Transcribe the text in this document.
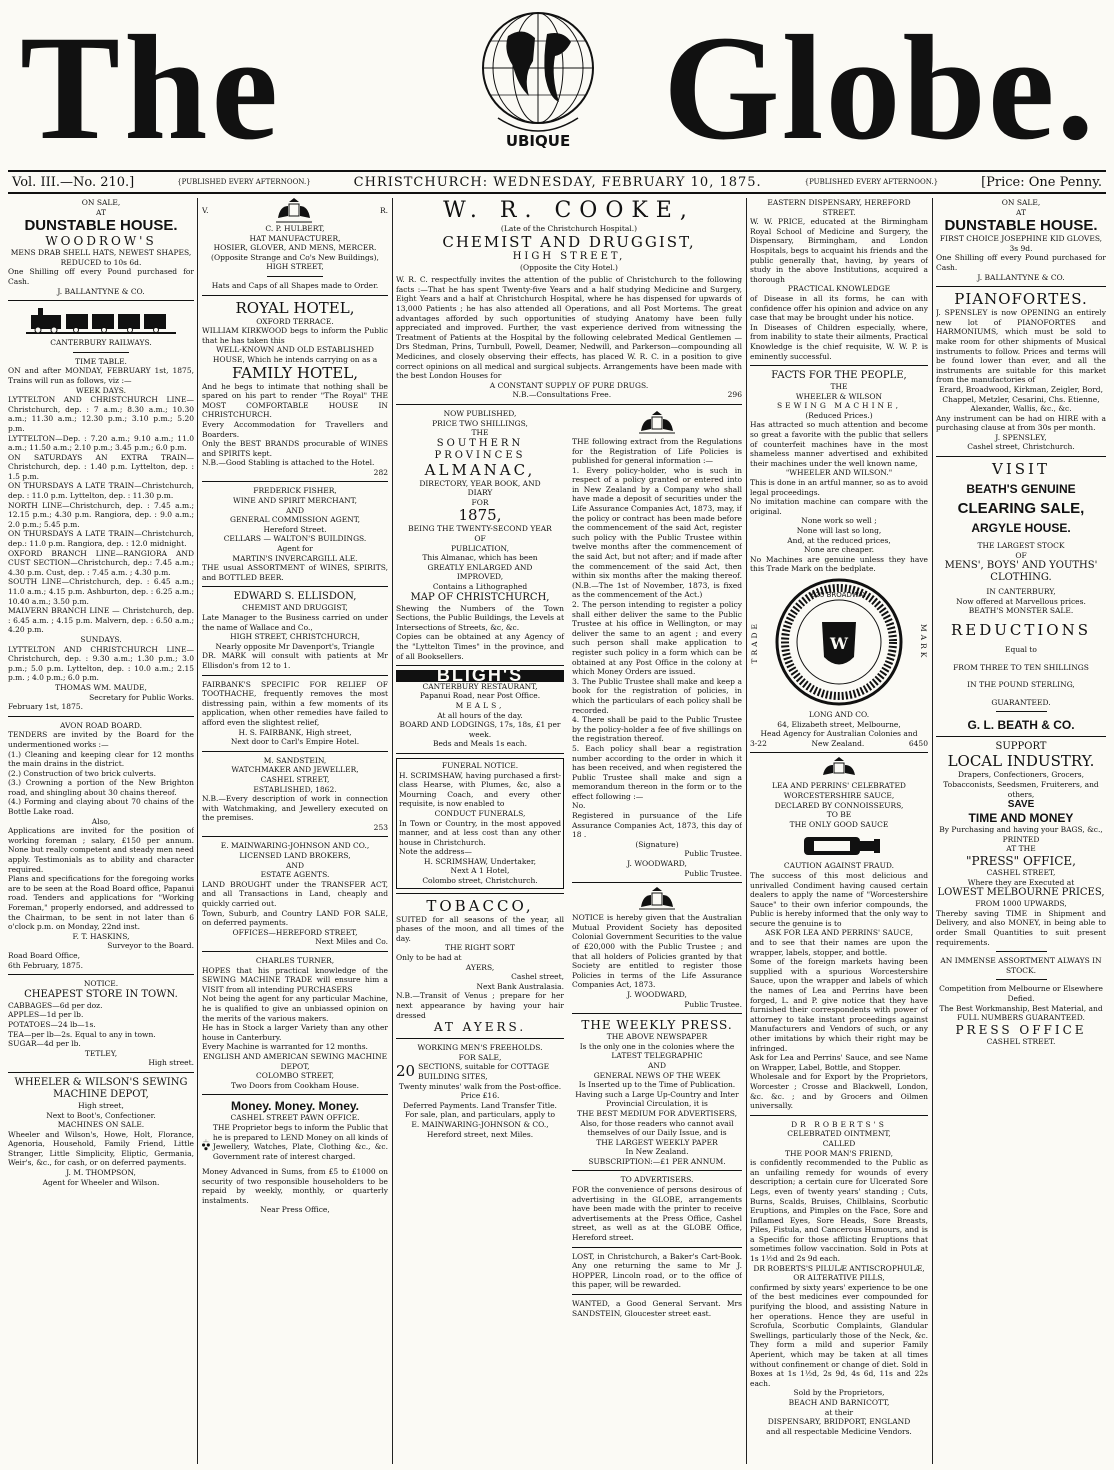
The	UBIQUE Globe.
Vol. III.—No. 210.]	{PUBLISHED EVERY AFTERNOON.}	CHRISTCHURCH: WEDNESDAY, FEBRUARY 10, 1875.	{PUBLISHED EVERY AFTERNOON.}	[Price: One Penny.
ON SALE,
AT
DUNSTABLE HOUSE.
WOODROW'S
MENS DRAB SHELL HATS, NEWEST SHAPES,
REDUCED to 10s 6d.

One Shilling off every Pound purchased for Cash.

J. BALLANTYNE & CO.
CANTERBURY RAILWAYS.
TIME TABLE.

ON and after MONDAY, FEBRUARY 1st, 1875, Trains will run as follows, viz :—

WEEK DAYS.

LYTTELTON AND CHRISTCHURCH LINE—Christchurch, dep. : 7 a.m.; 8.30 a.m.; 10.30 a.m.; 11.30 a.m.; 12.30 p.m.; 3.10 p.m.; 5.20 p.m.

LYTTELTON—Dep. : 7.20 a.m.; 9.10 a.m.; 11.0 a.m.; 11.50 a.m.; 2.10 p.m.; 3.45 p.m.; 6.0 p.m.

ON SATURDAYS AN EXTRA TRAIN—Christchurch, dep. : 1.40 p.m. Lyttelton, dep. : 1.5 p.m.

ON THURSDAYS A LATE TRAIN—Christchurch, dep. : 11.0 p.m. Lyttelton, dep. : 11.30 p.m.

NORTH LINE—Christchurch, dep. : 7.45 a.m.; 12.15 p.m.; 4.30 p.m. Rangiora, dep. : 9.0 a.m.; 2.0 p.m.; 5.45 p.m.

ON THURSDAYS A LATE TRAIN—Christchurch, dep.: 11.0 p.m. Rangiora, dep. : 12.0 midnight.

OXFORD BRANCH LINE—RANGIORA AND CUST SECTION—Christchurch, dep.: 7.45 a.m.; 4.30 p.m. Cust, dep. : 7.45 a.m. ; 4.30 p.m.

SOUTH LINE—Christchurch, dep. : 6.45 a.m.; 11.0 a.m.; 4.15 p.m. Ashburton, dep. : 6.25 a.m.; 10.40 a.m.; 3.50 p.m.

MALVERN BRANCH LINE — Christchurch, dep. : 6.45 a.m. ; 4.15 p.m. Malvern, dep. : 6.50 a.m.; 4.20 p.m.

SUNDAYS.

LYTTELTON AND CHRISTCHURCH LINE—Christchurch, dep. : 9.30 a.m.; 1.30 p.m.; 3.0 p.m.; 5.0 p.m. Lyttelton, dep. : 10.0 a.m.; 2.15 p.m. ; 4.0 p.m.; 6.0 p.m.

THOMAS WM. MAUDE,
Secretary for Public Works.
February 1st, 1875.
AVON ROAD BOARD.

TENDERS are invited by the Board for the undermentioned works :—

(1.) Cleaning and keeping clear for 12 months the main drains in the district.

(2.) Construction of two brick culverts.

(3.) Crowning a portion of the New Brighton road, and shingling about 30 chains thereof.

(4.) Forming and claying about 70 chains of the Bottle Lake road.

Also,

Applications are invited for the position of working foreman ; salary, £150 per annum. None but really competent and steady men need apply. Testimonials as to ability and character required.

Plans and specifications for the foregoing works are to be seen at the Road Board office, Papanui road. Tenders and applications for "Working Foreman," properly endorsed, and addressed to the Chairman, to be sent in not later than 6 o'clock p.m. on Monday, 22nd inst.

F. T. HASKINS,
Surveyor to the Board.
Road Board Office,
6th February, 1875.
NOTICE.
CHEAPEST STORE IN TOWN.
CABBAGES—6d per doz.
APPLES—1d per lb.
POTATOES—24 lb—1s.
TEA—per lb—2s. Equal to any in town.
SUGAR—4d per lb.
TETLEY,
High street.
WHEELER & WILSON'S SEWING MACHINE DEPOT,
High street,
Next to Boot's, Confectioner.
MACHINES ON SALE.

Wheeler and Wilson's, Howe, Holt, Florance, Agenoria, Household, Family Friend, Little Stranger, Little Simplicity, Eliptic, Germania, Weir's, &c., for cash, or on deferred payments.

J. M. THOMPSON,
Agent for Wheeler and Wilson.
V.	R.
C. P. HULBERT,
HAT MANUFACTURER,
HOSIER, GLOVER, AND MENS, MERCER.
(Opposite Strange and Co's New Buildings), HIGH STREET,
Hats and Caps of all Shapes made to Order.
ROYAL HOTEL,
OXFORD TERRACE.

WILLIAM KIRKWOOD begs to inform the Public that he has taken this

WELL-KNOWN AND OLD ESTABLISHED HOUSE, Which he intends carrying on as a
FAMILY HOTEL,

And he begs to intimate that nothing shall be spared on his part to render "The Royal" THE MOST COMFORTABLE HOUSE IN CHRISTCHURCH.

Every Accommodation for Travellers and Boarders.

Only the BEST BRANDS procurable of WINES and SPIRITS kept.

N.B.—Good Stabling is attached to the Hotel.

282
FREDERICK FISHER,
WINE AND SPIRIT MERCHANT,
AND
GENERAL COMMISSION AGENT,
Hereford Street.
CELLARS — WALTON'S BUILDINGS.
Agent for
MARTIN'S INVERCARGILL ALE.

THE usual ASSORTMENT of WINES, SPIRITS, and BOTTLED BEER.

EDWARD S. ELLISDON,
CHEMIST AND DRUGGIST,

Late Manager to the Business carried on under the name of Wallace and Co.,

HIGH STREET, CHRISTCHURCH,
Nearly opposite Mr Davenport's, Triangle

DR. MARK will consult with patients at Mr Ellisdon's from 12 to 1.

FAIRBANK'S SPECIFIC FOR RELIEF OF TOOTHACHE, frequently removes the most distressing pain, within a few moments of its application, when other remedies have failed to afford even the slightest relief,

H. S. FAIRBANK, High street,
Next door to Carl's Empire Hotel.
M. SANDSTEIN,
WATCHMAKER AND JEWELLER,
CASHEL STREET,
ESTABLISHED, 1862.

N.B.—Every description of work in connection with Watchmaking, and Jewellery executed on the premises.

253
E. MAINWARING-JOHNSON AND CO., LICENSED LAND BROKERS,
AND
ESTATE AGENTS.

LAND BROUGHT under the TRANSFER ACT, and all Transactions in Land, cheaply and quickly carried out.

Town, Suburb, and Country LAND FOR SALE, on deferred payments.

OFFICES—HEREFORD STREET,
Next Miles and Co.
CHARLES TURNER,

HOPES that his practical knowledge of the SEWING MACHINE TRADE will ensure him a VISIT from all intending PURCHASERS

Not being the agent for any particular Machine, he is qualified to give an unbiassed opinion on the merits of the various makers.

He has in Stock a larger Variety than any other house in Canterbury.

Every Machine is warranted for 12 months.

ENGLISH AND AMERICAN SEWING MACHINE DEPOT,
COLOMBO STREET,
Two Doors from Cookham House.
Money. Money. Money.
CASHEL STREET PAWN OFFICE.

THE Proprietor begs to inform the Public that he is prepared to LEND Money on all kinds of Jewellery, Watches, Plate, Clothing &c., &c. Government rate of interest charged.

Money Advanced in Sums, from £5 to £1000 on security of two responsible householders to be repaid by weekly, monthly, or quarterly instalments.

Near Press Office,
W. R. COOKE,
(Late of the Christchurch Hospital.)
CHEMIST AND DRUGGIST,
HIGH STREET,
(Opposite the City Hotel.)

W. R. C. respectfully invites the attention of the public of Christchurch to the following facts :—That he has spent Twenty-five Years and a half studying Medicine and Surgery, Eight Years and a half at Christchurch Hospital, where he has dispensed for upwards of 13,000 Patients ; he has also attended all Operations, and all Post Mortems. The great advantages afforded by such opportunities of studying Anatomy have been fully appreciated and improved. Further, the vast experience derived from witnessing the Treatment of Patients at the Hospital by the following celebrated Medical Gentlemen —Drs Stedman, Prins, Turnbull, Powell, Deamer, Nedwill, and Parkerson—compounding all Medicines, and closely observing their effects, has placed W. R. C. in a position to give correct opinions on all medical and surgical subjects. Arrangements have been made with the best London Houses for

A CONSTANT SUPPLY OF PURE DRUGS.
N.B.—Consultations Free.	296
NOW PUBLISHED,
PRICE TWO SHILLINGS,
THE
SOUTHERN PROVINCES
ALMANAC,
DIRECTORY, YEAR BOOK, AND
DIARY
FOR
1875,
BEING THE TWENTY-SECOND YEAR
OF
PUBLICATION,
This Almanac, which has been
GREATLY ENLARGED AND
IMPROVED,
Contains a Lithographed
MAP OF CHRISTCHURCH,

Shewing the Numbers of the Town Sections, the Public Buildings, the Levels at Intersections of Streets, &c, &c.

Copies can be obtained at any Agency of the "Lyttelton Times" in the province, and of all Booksellers.

BLIGH'S
CANTERBURY RESTAURANT,
Papanui Road, near Post Office.
MEALS,
At all hours of the day.
BOARD AND LODGINGS, 17s, 18s, £1 per week.
Beds and Meals 1s each.
FUNERAL NOTICE.

H. SCRIMSHAW, having purchased a first-class Hearse, with Plumes, &c, also a Mourning Coach, and every other requisite, is now enabled to

CONDUCT FUNERALS,

In Town or Country, in the most appoved manner, and at less cost than any other house in Christchurch.

Note the address—
H. SCRIMSHAW, Undertaker,
Next A 1 Hotel,
Colombo street, Christchurch.
TOBACCO,

SUITED for all seasons of the year, all phases of the moon, and all times of the day.

THE RIGHT SORT
Only to be had at
AYERS,
Cashel street,
Next Bank Australasia.

N.B.—Transit of Venus ; prepare for her next appearance by having your hair dressed

AT AYERS.
WORKING MEN'S FREEHOLDS.
FOR SALE,
20 SECTIONS, suitable for COTTAGE BUILDING SITES,
Twenty minutes' walk from the Post-office. Price £16.
Deferred Payments. Land Transfer Title.
For sale, plan, and particulars, apply to
E. MAINWARING-JOHNSON & CO.,
Hereford street, next Miles.

THE following extract from the Regulations for the Registration of Life Policies is published for general information :—

1. Every policy-holder, who is such in respect of a policy granted or entered into in New Zealand by a Company who shall have made a deposit of securities under the Life Assurance Companies Act, 1873, may, if the policy or contract has been made before the commencement of the said Act, register such policy with the Public Trustee within twelve months after the commencement of the said Act, but not after; and if made after the commencement of the said Act, then within six months after the making thereof. (N.B.—The 1st of November, 1873, is fixed as the commencement of the Act.)

2. The person intending to register a policy shall either deliver the same to the Public Trustee at his office in Wellington, or may deliver the same to an agent ; and every such person shall make application to register such policy in a form which can be obtained at any Post Office in the colony at which Money Orders are issued.

3. The Public Trustee shall make and keep a book for the registration of policies, in which the particulars of each policy shall be recorded.

4. There shall be paid to the Public Trustee by the policy-holder a fee of five shillings on the registration thereof.

5. Each policy shall bear a registration number according to the order in which it has been received, and when registered the Public Trustee shall make and sign a memorandum thereon in the form or to the effect following :—

No.

Registered in pursuance of the Life Assurance Companies Act, 1873, this day of 18 .

(Signature)
Public Trustee.
J. WOODWARD,
Public Trustee.

NOTICE is hereby given that the Australian Mutual Provident Society has deposited Colonial Government Securities to the value of £20,000 with the Public Trustee ; and that all holders of Policies granted by that Society are entitled to register those Policies in terms of the Life Assurance Companies Act, 1873.

J. WOODWARD,
Public Trustee.
THE WEEKLY PRESS.
THE ABOVE NEWSPAPER
Is the only one in the colonies where the
LATEST TELEGRAPHIC
AND
GENERAL NEWS OF THE WEEK
Is Inserted up to the Time of Publication.
Having such a Large Up-Country and Inter Provincial Circulation, it is
THE BEST MEDIUM FOR ADVERTISERS,
Also, for those readers who cannot avail themselves of our Daily Issue, and is
THE LARGEST WEEKLY PAPER
In New Zealand.
SUBSCRIPTION:—£1 PER ANNUM.
TO ADVERTISERS.

FOR the convenience of persons desirous of advertising in the GLOBE, arrangements have been made with the printer to receive advertisements at the Press Office, Cashel street, as well as at the GLOBE Office, Hereford street.

LOST, in Christchurch, a Baker's Cart-Book. Any one returning the same to Mr J. HOPPER, Lincoln road, or to the office of this paper, will be rewarded.

WANTED, a Good General Servant. Mrs SANDSTEIN, Gloucester street east.

EASTERN DISPENSARY, HEREFORD STREET.

W. W. PRICE, educated at the Birmingham Royal School of Medicine and Surgery, the Dispensary, Birmingham, and London Hospitals, begs to acquaint his friends and the public generally that, having, by years of study in the above Institutions, acquired a thorough

PRACTICAL KNOWLEDGE

of Disease in all its forms, he can with confidence offer his opinion and advice on any case that may be brought under his notice.

In Diseases of Children especially, where, from inability to state their ailments, Practical Knowledge is the chief requisite, W. W. P. is eminently successful.

FACTS FOR THE PEOPLE,
THE
WHEELER & WILSON
SEWING MACHINE,
(Reduced Prices.)

Has attracted so much attention and become so great a favorite with the public that sellers of counterfeit machines have in the most shameless manner advertised and exhibited their machines under the well known name,

"WHEELER AND WILSON."

This is done in an artful manner, so as to avoid legal proceedings.

No imitation machine can compare with the original.

None work so well ;
None will last so long,
And, at the reduced prices,
None are cheaper.

No Machines are genuine unless they have this Trade Mark on the bedplate.

TRADE	W
625 BROADWAY
MARK
LONG AND CO.
64, Elizabeth street, Melbourne,
Head Agency for Australian Colonies and
3-22	New Zealand.	6450
LEA AND PERRINS' CELEBRATED
WORCESTERSHIRE SAUCE,
DECLARED BY CONNOISSEURS,
TO BE
THE ONLY GOOD SAUCE
CAUTION AGAINST FRAUD.

The success of this most delicious and unrivalled Condiment having caused certain dealers to apply the name of "Worcestershire Sauce" to their own inferior compounds, the Public is hereby informed that the only way to secure the genuine is to

ASK FOR LEA AND PERRINS' SAUCE,

and to see that their names are upon the wrapper, labels, stopper, and bottle.

Some of the foreign markets having been supplied with a spurious Worcestershire Sauce, upon the wrapper and labels of which the names of Lea and Perrins have been forged, L. and P. give notice that they have furnished their correspondents with power of attorney to take instant proceedings against Manufacturers and Vendors of such, or any other imitations by which their right may be infringed.

Ask for Lea and Perrins' Sauce, and see Name on Wrapper, Label, Bottle, and Stopper.

Wholesale and for Export by the Proprietors, Worcester ; Crosse and Blackwell, London, &c. &c. ; and by Grocers and Oilmen universally.

DR ROBERTS'S
CELEBRATED OINTMENT,
CALLED
THE POOR MAN'S FRIEND,

is confidently recommended to the Public as an unfailing remedy for wounds of every description; a certain cure for Ulcerated Sore Legs, even of twenty years' standing ; Cuts, Burns, Scalds, Bruises, Chilblains, Scorbutic Eruptions, and Pimples on the Face, Sore and Inflamed Eyes, Sore Heads, Sore Breasts, Piles, Fistula, and Cancerous Humours, and is a Specific for those afflicting Eruptions that sometimes follow vaccination. Sold in Pots at 1s 1½d and 2s 9d each.

DR ROBERTS'S PILULÆ ANTISCROPHULÆ, OR ALTERATIVE PILLS,

confirmed by sixty years' experience to be one of the best medicines ever compounded for purifying the blood, and assisting Nature in her operations. Hence they are useful in Scrofula, Scorbutic Complaints, Glandular Swellings, particularly those of the Neck, &c. They form a mild and superior Family Aperient, which may be taken at all times without confinement or change of diet. Sold in Boxes at 1s 1½d, 2s 9d, 4s 6d, 11s and 22s each.

Sold by the Proprietors,
BEACH AND BARNICOTT,
at their
DISPENSARY, BRIDPORT, ENGLAND
and all respectable Medicine Vendors.
ON SALE,
AT
DUNSTABLE HOUSE.
FIRST CHOICE JOSEPHINE KID GLOVES, 3s 9d.

One Shilling off every Pound purchased for Cash.

J. BALLANTYNE & CO.
PIANOFORTES.

J. SPENSLEY is now OPENING an entirely new lot of PIANOFORTES and HARMONIUMS, which must be sold to make room for other shipments of Musical instruments to follow. Prices and terms will be found lower than ever, and all the instruments are suitable for this market from the manufactories of

Erard, Broadwood, Kirkman, Zeigler, Bord, Chappel, Metzler, Cesarini, Chs. Etienne, Alexander, Wallis, &c., &c.

Any instrument can be had on HIRE with a purchasing clause at from 30s per month.

J. SPENSLEY,
Cashel street, Christchurch.
VISIT
BEATH'S GENUINE
CLEARING SALE,
ARGYLE HOUSE.
THE LARGEST STOCK
OF
MENS', BOYS' AND YOUTHS' CLOTHING.
IN CANTERBURY,
Now offered at Marvellous prices.
BEATH'S MONSTER SALE.
REDUCTIONS
Equal to
FROM THREE TO TEN SHILLINGS
IN THE POUND STERLING,
GUARANTEED.
G. L. BEATH & CO.
SUPPORT
LOCAL INDUSTRY.
Drapers, Confectioners, Grocers, Tobacconists, Seedsmen, Fruiterers, and others,
SAVE
TIME AND MONEY
By Purchasing and having your BAGS, &c., PRINTED
AT THE
"PRESS" OFFICE,
CASHEL STREET,
Where they are Executed at
LOWEST MELBOURNE PRICES,
FROM 1000 UPWARDS,

Thereby saving TIME in Shipment and Delivery, and also MONEY, in being able to order Small Quantities to suit present requirements.

AN IMMENSE ASSORTMENT ALWAYS IN STOCK.
Competition from Melbourne or Elsewhere Defied.
The Best Workmanship, Best Material, and
FULL NUMBERS GUARANTEED.
PRESS OFFICE
CASHEL STREET.
